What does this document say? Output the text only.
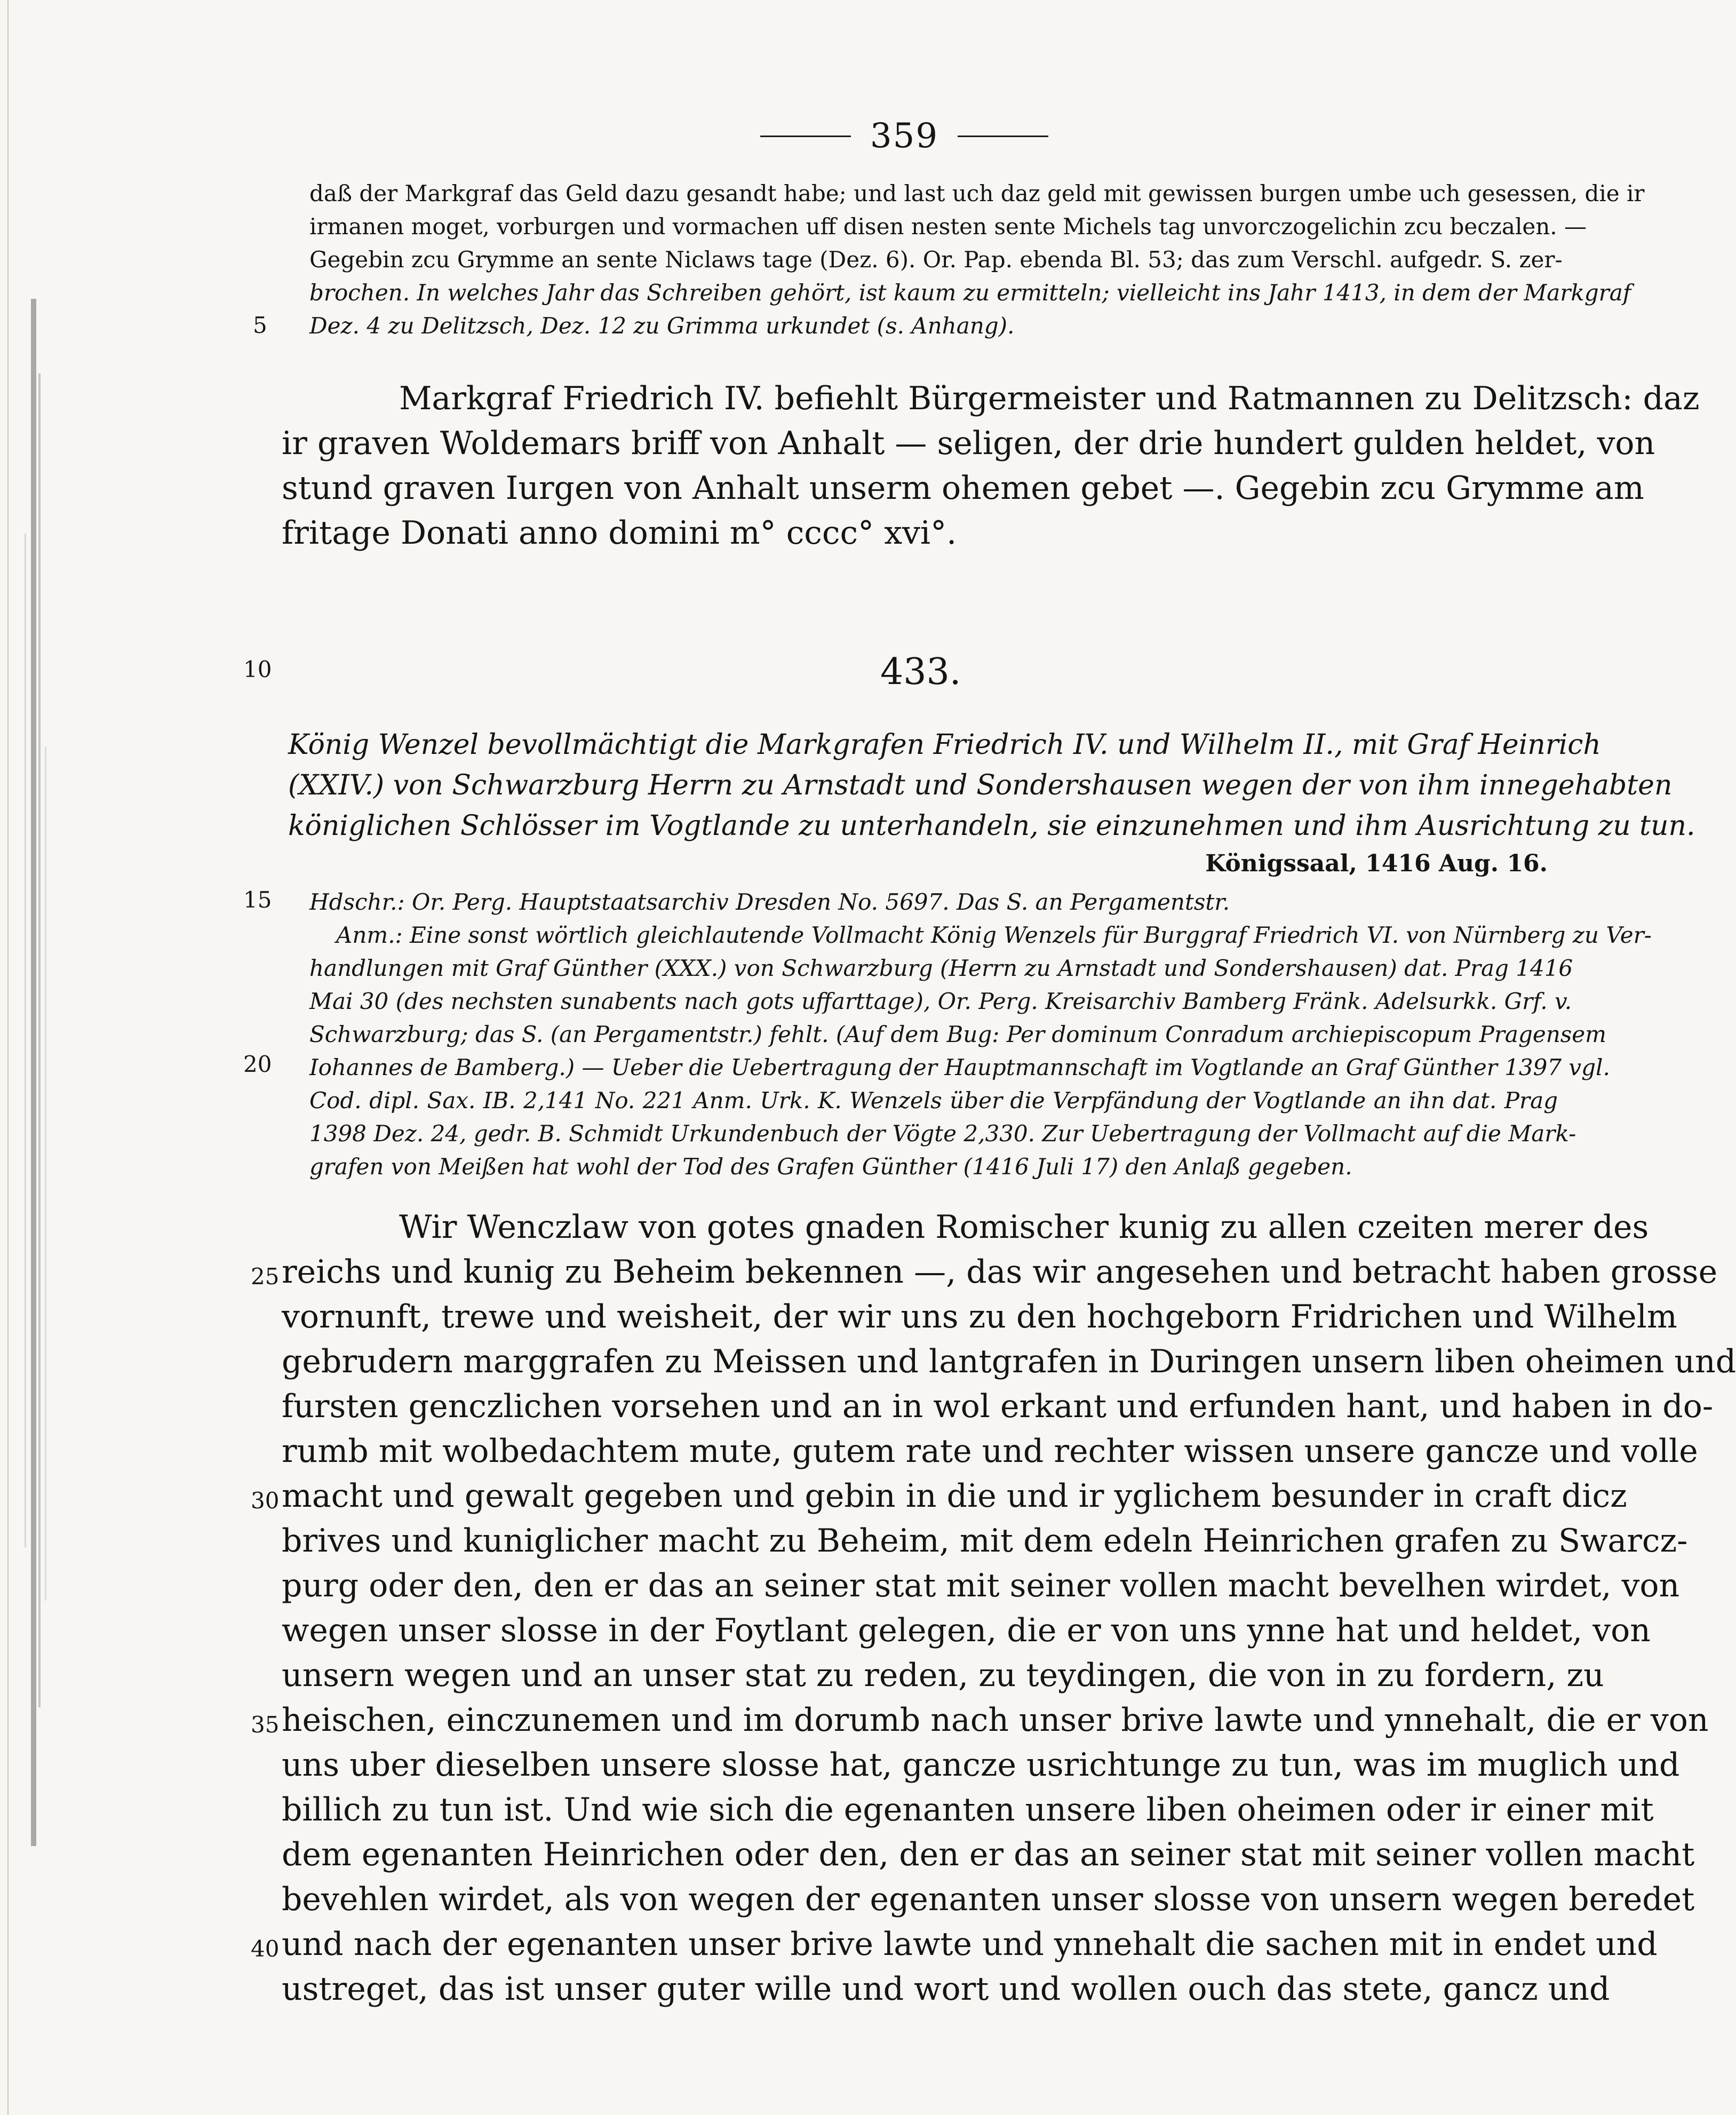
359
daß der Markgraf das Geld dazu gesandt habe; und last uch daz geld mit gewissen burgen umbe uch gesessen, die ir
irmanen moget, vorburgen und vormachen uff disen nesten sente Michels tag unvorczogelichin zcu beczalen. —
Gegebin zcu Grymme an sente Niclaws tage (Dez. 6). Or. Pap. ebenda Bl. 53; das zum Verschl. aufgedr. S. zer-
brochen. In welches Jahr das Schreiben gehört, ist kaum zu ermitteln; vielleicht ins Jahr 1413, in dem der Markgraf
Dez. 4 zu Delitzsch, Dez. 12 zu Grimma urkundet (s. Anhang).
Markgraf Friedrich IV. befiehlt Bürgermeister und Ratmannen zu Delitzsch: daz
ir graven Woldemars briff von Anhalt — seligen, der drie hundert gulden heldet, von
stund graven Iurgen von Anhalt unserm ohemen gebet —. Gegebin zcu Grymme am
fritage Donati anno domini m° cccc° xvi°.
433.
König Wenzel bevollmächtigt die Markgrafen Friedrich IV. und Wilhelm II., mit Graf Heinrich
(XXIV.) von Schwarzburg Herrn zu Arnstadt und Sondershausen wegen der von ihm innegehabten
königlichen Schlösser im Vogtlande zu unterhandeln, sie einzunehmen und ihm Ausrichtung zu tun.
Königssaal, 1416 Aug. 16.
Hdschr.: Or. Perg. Hauptstaatsarchiv Dresden No. 5697. Das S. an Pergamentstr.
Anm.: Eine sonst wörtlich gleichlautende Vollmacht König Wenzels für Burggraf Friedrich VI. von Nürnberg zu Ver-
handlungen mit Graf Günther (XXX.) von Schwarzburg (Herrn zu Arnstadt und Sondershausen) dat. Prag 1416
Mai 30 (des nechsten sunabents nach gots uffarttage), Or. Perg. Kreisarchiv Bamberg Fränk. Adelsurkk. Grf. v.
Schwarzburg; das S. (an Pergamentstr.) fehlt. (Auf dem Bug: Per dominum Conradum archiepiscopum Pragensem
Iohannes de Bamberg.) — Ueber die Uebertragung der Hauptmannschaft im Vogtlande an Graf Günther 1397 vgl.
Cod. dipl. Sax. IB. 2,141 No. 221 Anm. Urk. K. Wenzels über die Verpfändung der Vogtlande an ihn dat. Prag
1398 Dez. 24, gedr. B. Schmidt Urkundenbuch der Vögte 2,330. Zur Uebertragung der Vollmacht auf die Mark-
grafen von Meißen hat wohl der Tod des Grafen Günther (1416 Juli 17) den Anlaß gegeben.
Wir Wenczlaw von gotes gnaden Romischer kunig zu allen czeiten merer des
reichs und kunig zu Beheim bekennen —, das wir angesehen und betracht haben grosse
vornunft, trewe und weisheit, der wir uns zu den hochgeborn Fridrichen und Wilhelm
gebrudern marggrafen zu Meissen und lantgrafen in Duringen unsern liben oheimen und
fursten genczlichen vorsehen und an in wol erkant und erfunden hant, und haben in do-
rumb mit wolbedachtem mute, gutem rate und rechter wissen unsere gancze und volle
macht und gewalt gegeben und gebin in die und ir yglichem besunder in craft dicz
brives und kuniglicher macht zu Beheim, mit dem edeln Heinrichen grafen zu Swarcz-
purg oder den, den er das an seiner stat mit seiner vollen macht bevelhen wirdet, von
wegen unser slosse in der Foytlant gelegen, die er von uns ynne hat und heldet, von
unsern wegen und an unser stat zu reden, zu teydingen, die von in zu fordern, zu
heischen, einczunemen und im dorumb nach unser brive lawte und ynnehalt, die er von
uns uber dieselben unsere slosse hat, gancze usrichtunge zu tun, was im muglich und
billich zu tun ist. Und wie sich die egenanten unsere liben oheimen oder ir einer mit
dem egenanten Heinrichen oder den, den er das an seiner stat mit seiner vollen macht
bevehlen wirdet, als von wegen der egenanten unser slosse von unsern wegen beredet
und nach der egenanten unser brive lawte und ynnehalt die sachen mit in endet und
ustreget, das ist unser guter wille und wort und wollen ouch das stete, gancz und
5
10
15
20
25
30
35
40
